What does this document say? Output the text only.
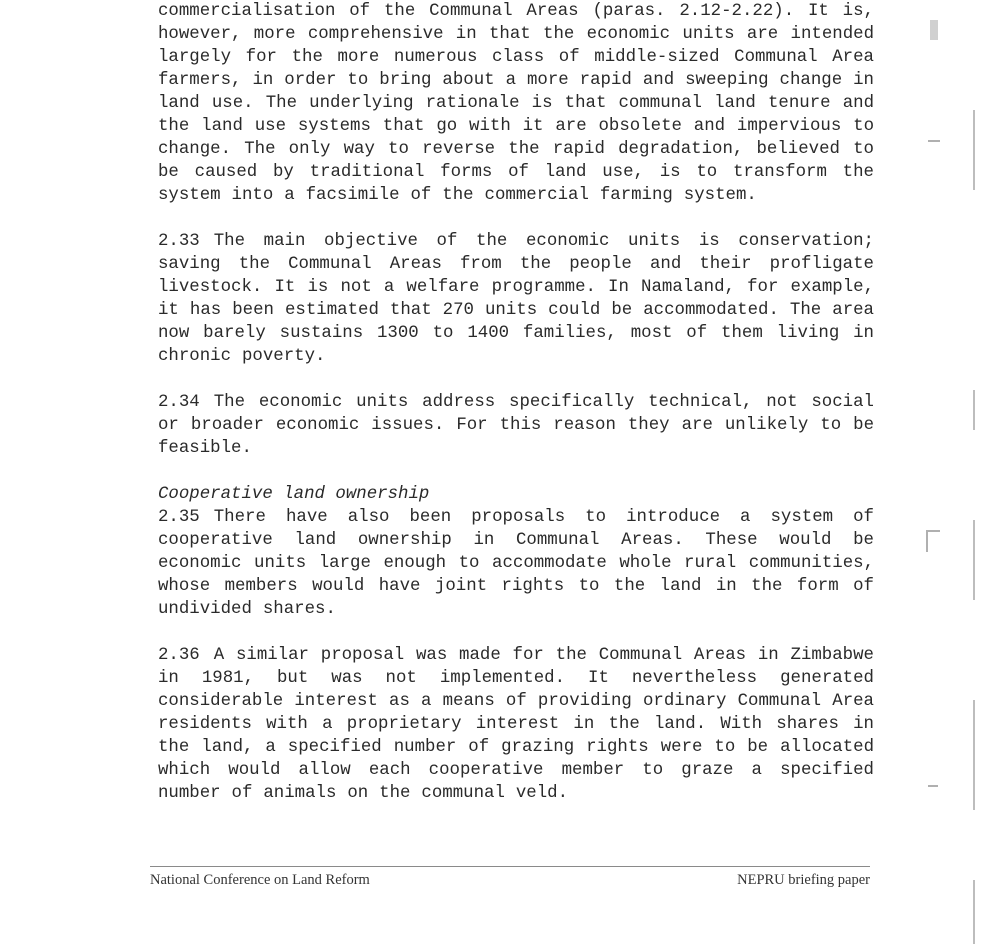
commercialisation of the Communal Areas (paras. 2.12-2.22). It is, however, more comprehensive in that the economic units are intended largely for the more numerous class of middle-sized Communal Area farmers, in order to bring about a more rapid and sweeping change in land use. The underlying rationale is that communal land tenure and the land use systems that go with it are obsolete and impervious to change. The only way to reverse the rapid degradation, believed to be caused by traditional forms of land use, is to transform the system into a facsimile of the commercial farming system.

2.33 The main objective of the economic units is conservation; saving the Communal Areas from the people and their profligate livestock. It is not a welfare programme. In Namaland, for example, it has been estimated that 270 units could be accommodated. The area now barely sustains 1300 to 1400 families, most of them living in chronic poverty.

2.34 The economic units address specifically technical, not social or broader economic issues. For this reason they are unlikely to be feasible.

Cooperative land ownership

2.35 There have also been proposals to introduce a system of cooperative land ownership in Communal Areas. These would be economic units large enough to accommodate whole rural communities, whose members would have joint rights to the land in the form of undivided shares.

2.36 A similar proposal was made for the Communal Areas in Zimbabwe in 1981, but was not implemented. It nevertheless generated considerable interest as a means of providing ordinary Communal Area residents with a proprietary interest in the land. With shares in the land, a specified number of grazing rights were to be allocated which would allow each cooperative member to graze a specified number of animals on the communal veld.

National Conference on Land Reform	NEPRU briefing paper
